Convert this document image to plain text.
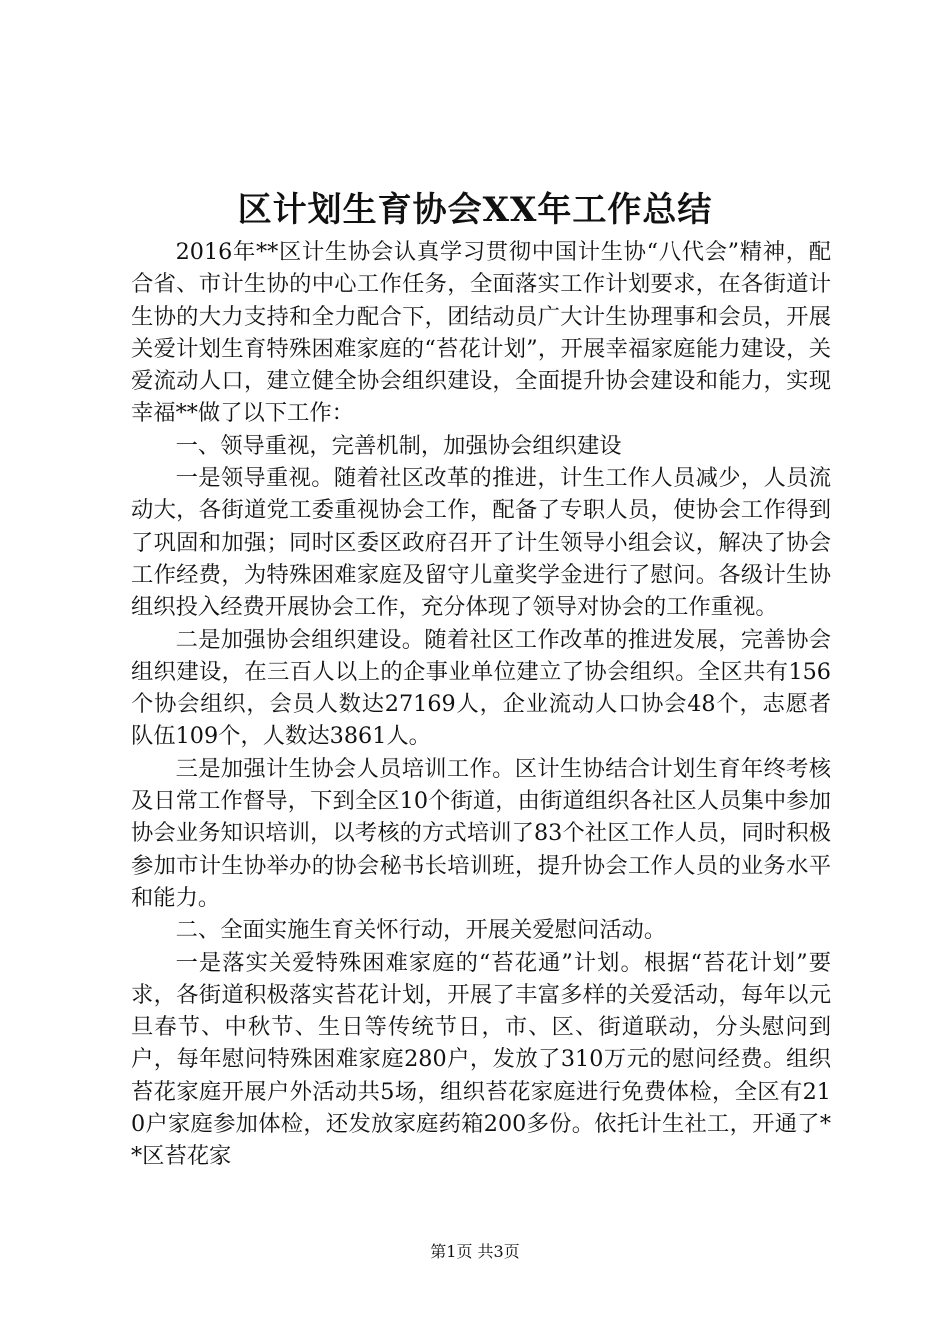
区计划生育协会XX年工作总结

2016年**区计生协会认真学习贯彻中国计生协“八代会”精神，配合省、市计生协的中心工作任务，全面落实工作计划要求，在各街道计生协的大力支持和全力配合下，团结动员广大计生协理事和会员，开展关爱计划生育特殊困难家庭的“苔花计划”，开展幸福家庭能力建设，关爱流动人口，建立健全协会组织建设，全面提升协会建设和能力，实现幸福**做了以下工作：

一、领导重视，完善机制，加强协会组织建设

一是领导重视。随着社区改革的推进，计生工作人员减少，人员流动大，各街道党工委重视协会工作，配备了专职人员，使协会工作得到了巩固和加强；同时区委区政府召开了计生领导小组会议，解决了协会工作经费，为特殊困难家庭及留守儿童奖学金进行了慰问。各级计生协组织投入经费开展协会工作，充分体现了领导对协会的工作重视。

二是加强协会组织建设。随着社区工作改革的推进发展，完善协会组织建设，在三百人以上的企事业单位建立了协会组织。全区共有156个协会组织，会员人数达27169人，企业流动人口协会48个，志愿者队伍109个，人数达3861人。

三是加强计生协会人员培训工作。区计生协结合计划生育年终考核及日常工作督导，下到全区10个街道，由街道组织各社区人员集中参加协会业务知识培训，以考核的方式培训了83个社区工作人员，同时积极参加市计生协举办的协会秘书长培训班，提升协会工作人员的业务水平和能力。

二、全面实施生育关怀行动，开展关爱慰问活动。

一是落实关爱特殊困难家庭的“苔花通”计划。根据“苔花计划”要求，各街道积极落实苔花计划，开展了丰富多样的关爱活动，每年以元旦春节、中秋节、生日等传统节日，市、区、街道联动，分头慰问到户，每年慰问特殊困难家庭280户，发放了310万元的慰问经费。组织苔花家庭开展户外活动共5场，组织苔花家庭进行免费体检，全区有210户家庭参加体检，还发放家庭药箱200多份。依托计生社工，开通了**区苔花家

第1页 共3页
